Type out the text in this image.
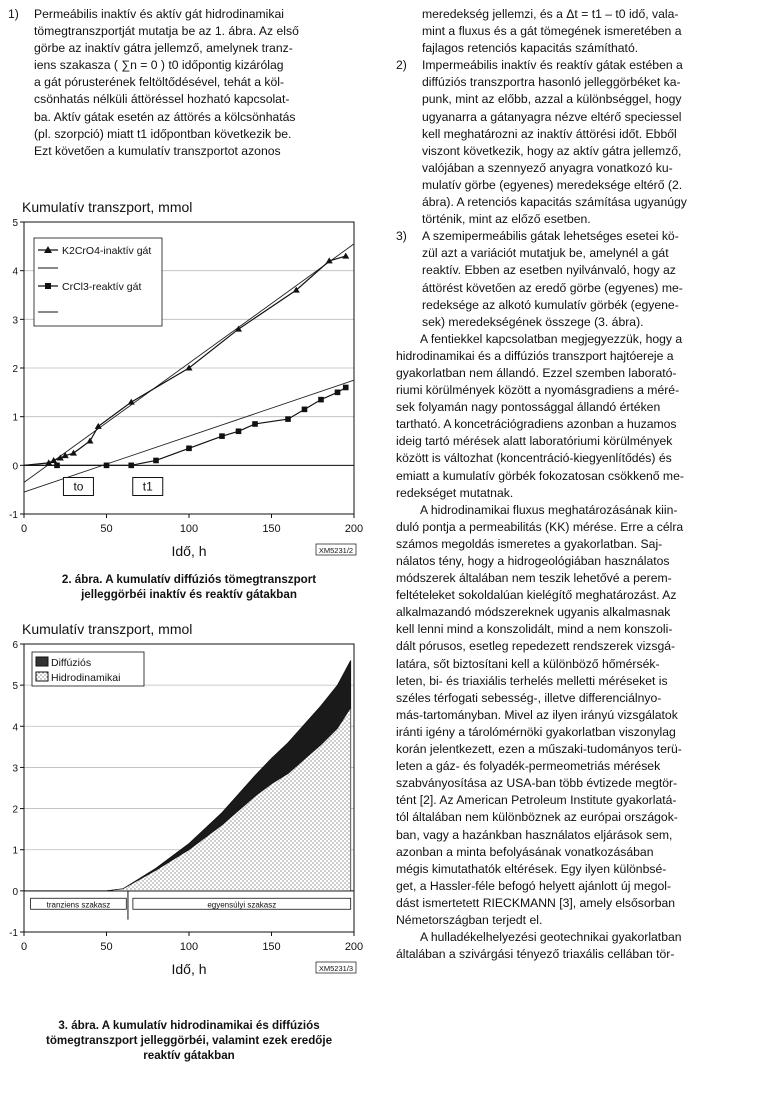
1)	Permeábilis inaktív és aktív gát hidrodinamikai
tömegtranszportját mutatja be az 1. ábra. Az első
görbe az inaktív gátra jellemző, amelynek tranz-
iens szakasza ( ∑n = 0 ) t0 időpontig kizárólag
a gát pórusterének feltöltődésével, tehát a köl-
csönhatás nélküli áttöréssel hozható kapcsolat-
ba. Aktív gátak esetén az áttörés a kölcsönhatás
(pl. szorpció) miatt t1 időpontban következik be.
Ezt követően a kumulatív transzportot azonos
Kumulatív transzport, mmol
-1
0
1
2
3
4
5
0	50	100	150	200
Idő, h	XM5231/2
K2CrO4-inaktív gát
CrCl3-reaktív gát
to	t1
2. ábra. A kumulatív diffúziós tömegtranszport
jelleggörbéi inaktív és reaktív gátakban
Kumulatív transzport, mmol
-1
0
1
2
3
4
5
6
0	50	100	150	200
Idő, h	XM5231/3
Diffúziós
Hidrodinamikai
tranziens szakasz	egyensúlyi szakasz
3. ábra. A kumulatív hidrodinamikai és diffúziós
tömegtranszport jelleggörbéi, valamint ezek eredője
reaktív gátakban
meredekség jellemzi, és a Δt = t1 – t0 idő, vala-
mint a fluxus és a gát tömegének ismeretében a
fajlagos retenciós kapacitás számítható.
2)	Impermeábilis inaktív és reaktív gátak estében a
diffúziós transzportra hasonló jelleggörbéket ka-
punk, mint az előbb, azzal a különbséggel, hogy
ugyanarra a gátanyagra nézve eltérő speciessel
kell meghatározni az inaktív áttörési időt. Ebből
viszont következik, hogy az aktív gátra jellemző,
valójában a szennyező anyagra vonatkozó ku-
mulatív görbe (egyenes) meredeksége eltérő (2.
ábra). A retenciós kapacitás számítása ugyanúgy
történik, mint az előző esetben.
3)	A szemipermeábilis gátak lehetséges esetei kö-
zül azt a variációt mutatjuk be, amelynél a gát
reaktív. Ebben az esetben nyilvánvaló, hogy az
áttörést követően az eredő görbe (egyenes) me-
redeksége az alkotó kumulatív görbék (egyene-
sek) meredekségének összege (3. ábra).
A fentiekkel kapcsolatban megjegyezzük, hogy a
hidrodinamikai és a diffúziós transzport hajtóereje a
gyakorlatban nem állandó. Ezzel szemben laborató-
riumi körülmények között a nyomásgradiens a méré-
sek folyamán nagy pontossággal állandó értéken
tartható. A koncetrációgradiens azonban a huzamos
ideig tartó mérések alatt laboratóriumi körülmények
között is változhat (koncentráció-kiegyenlítődés) és
emiatt a kumulatív görbék fokozatosan csökkenő me-
redekséget mutatnak.
A hidrodinamikai fluxus meghatározásának kiin-
duló pontja a permeabilitás (KK) mérése. Erre a célra
számos megoldás ismeretes a gyakorlatban. Saj-
nálatos tény, hogy a hidrogeológiában használatos
módszerek általában nem teszik lehetővé a perem-
feltételeket sokoldalúan kielégítő meghatározást. Az
alkalmazandó módszereknek ugyanis alkalmasnak
kell lenni mind a konszolidált, mind a nem konszoli-
dált pórusos, esetleg repedezett rendszerek vizsgá-
latára, sőt biztosítani kell a különböző hőmérsék-
leten, bi- és triaxiális terhelés melletti méréseket is
széles térfogati sebesség-, illetve differenciálnyo-
más-tartományban. Mivel az ilyen irányú vizsgálatok
iránti igény a tárolómérnöki gyakorlatban viszonylag
korán jelentkezett, ezen a műszaki-tudományos terü-
leten a gáz- és folyadék-permeometriás mérések
szabványosítása az USA-ban több évtizede megtör-
tént [2]. Az American Petroleum Institute gyakorlatá-
tól általában nem különböznek az európai országok-
ban, vagy a hazánkban használatos eljárások sem,
azonban a minta befolyásának vonatkozásában
mégis kimutathatók eltérések. Egy ilyen különbsé-
get, a Hassler-féle befogó helyett ajánlott új megol-
dást ismertetett RIECKMANN [3], amely elsősorban
Németországban terjedt el.
A hulladékelhelyezési geotechnikai gyakorlatban
általában a szivárgási tényező triaxális cellában tör-
